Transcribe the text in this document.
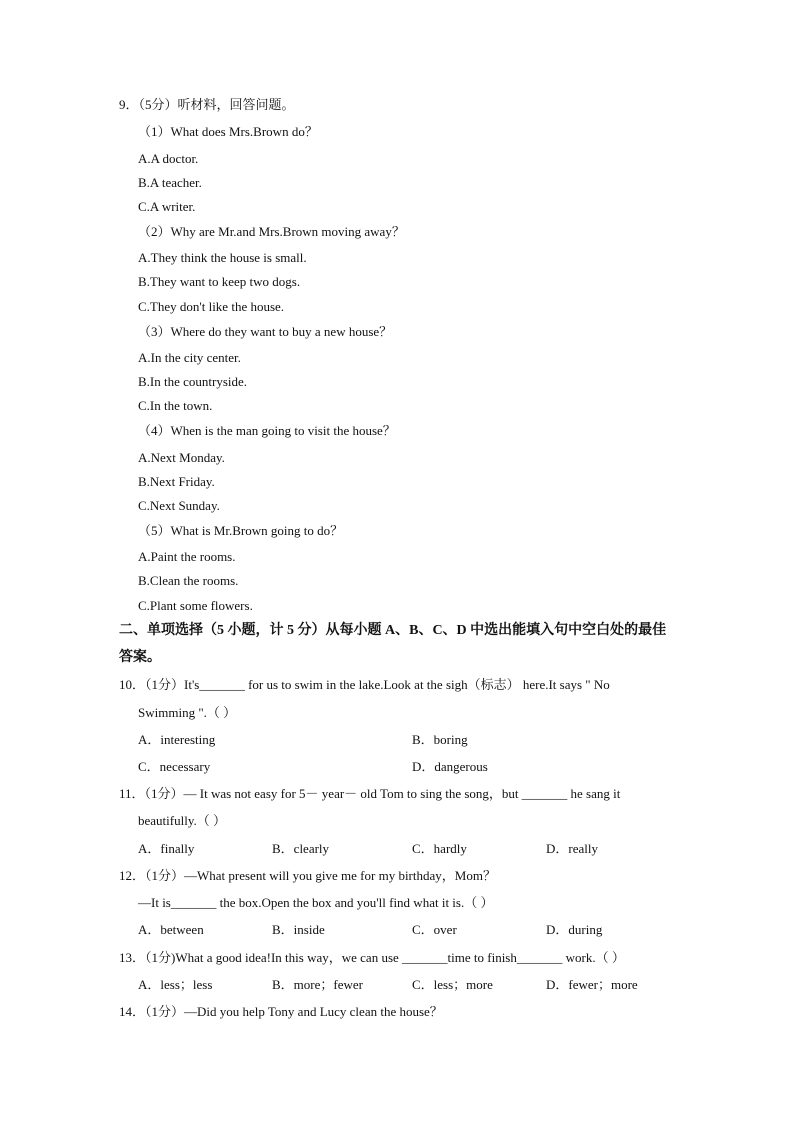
9．（5分）听材料，回答问题。
（1）What does Mrs.Brown do？
A.A doctor.
B.A teacher.
C.A writer.
（2）Why are Mr.and Mrs.Brown moving away？
A.They think the house is small.
B.They want to keep two dogs.
C.They don't like the house.
（3）Where do they want to buy a new house？
A.In the city center.
B.In the countryside.
C.In the town.
（4）When is the man going to visit the house？
A.Next Monday.
B.Next Friday.
C.Next Sunday.
（5）What is Mr.Brown going to do？
A.Paint the rooms.
B.Clean the rooms.
C.Plant some flowers.
二、单项选择（5 小题，计 5 分）从每小题 A、B、C、D 中选出能填入句中空白处的最佳
答案。
10．（1分）It's_______ for us to swim in the lake.Look at the sigh（标志） here.It says " No
Swimming ".（ ）
A．interesting	B．boring
C．necessary	D．dangerous
11．（1分）— It was not easy for 5－ year－ old Tom to sing the song，but _______ he sang it
beautifully.（ ）
A．finally	B．clearly	C．hardly	D．really
12．（1分）—What present will you give me for my birthday，Mom？
—It is_______ the box.Open the box and you'll find what it is.（ ）
A．between	B．inside	C．over	D．during
13．（1分)What a good idea!In this way，we can use _______time to finish_______ work.（ ）
A．less；less	B．more；fewer	C．less；more	D．fewer；more
14．（1分）—Did you help Tony and Lucy clean the house？
